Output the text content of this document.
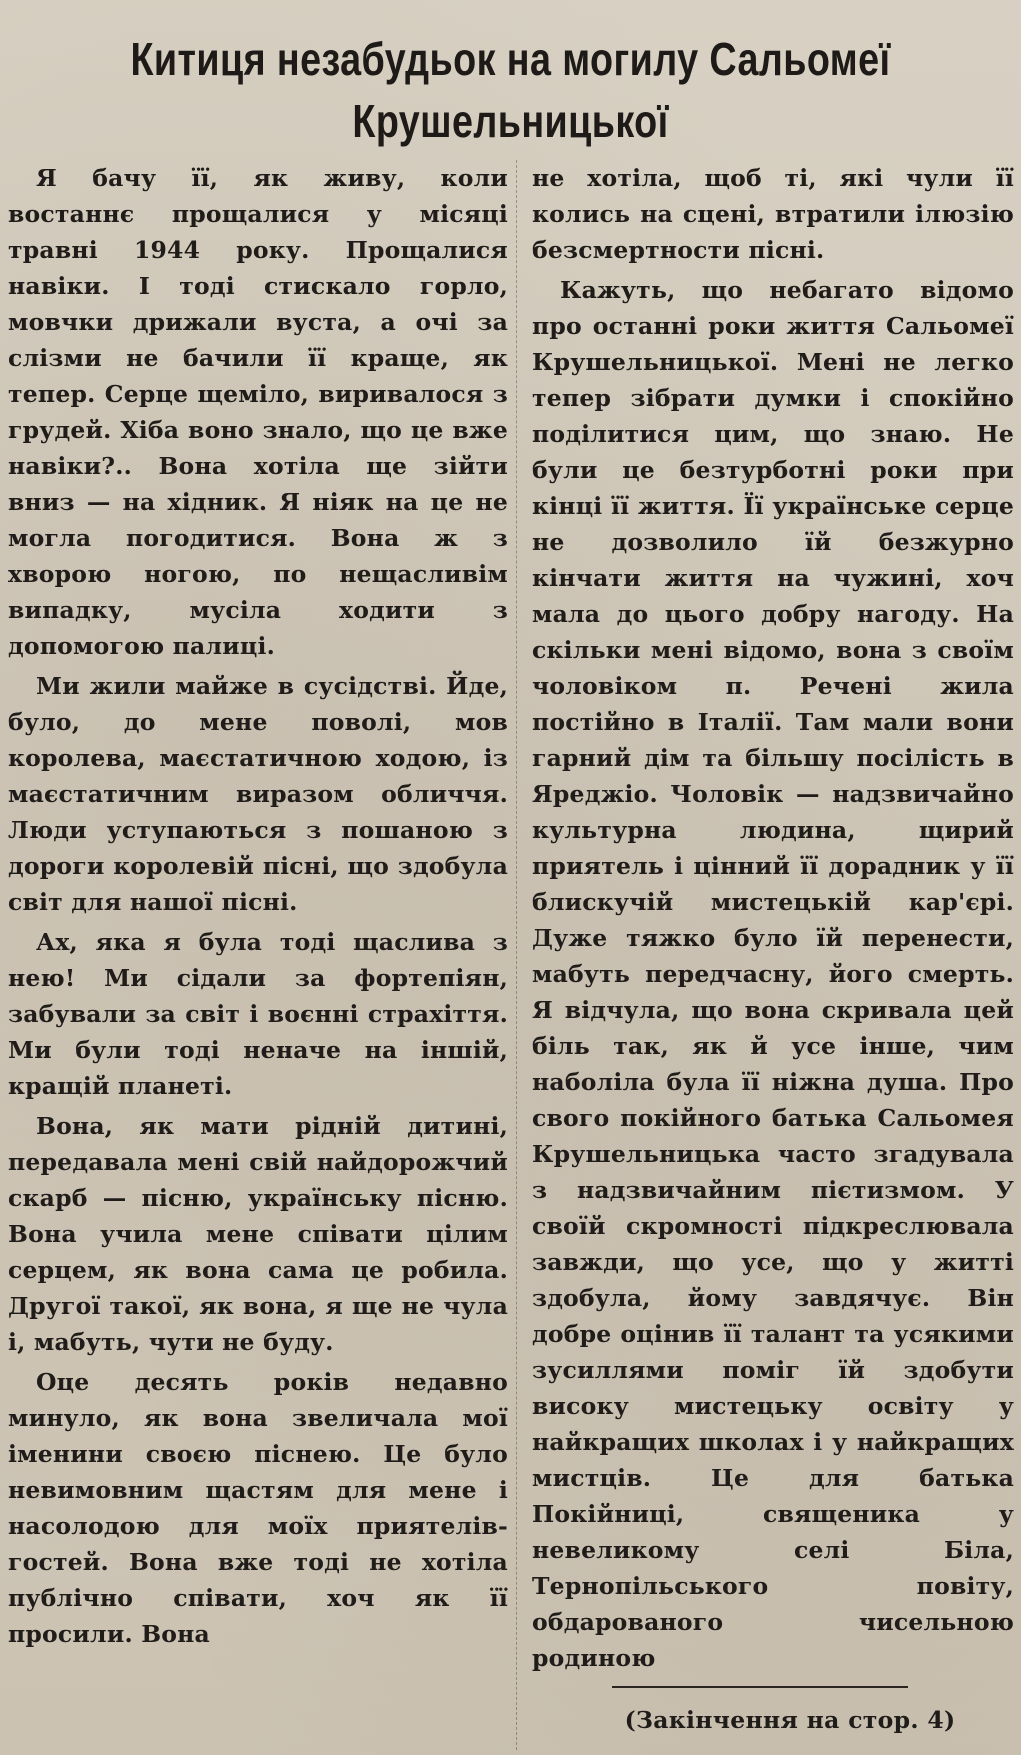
Китиця незабудьок на могилу Сальомеї
Крушельницької

Я бачу її, як живу, коли востаннє прощалися у місяці травні 1944 року. Прощалися навіки. І тоді стискало горло, мовчки дрижали вуста, а очі за слізми не бачили її краще, як тепер. Серце щеміло, виривалося з грудей. Хіба воно знало, що це вже навіки?.. Вона хотіла ще зійти вниз — на хідник. Я ніяк на це не могла погодитися. Вона ж з хворою ногою, по нещасливім випадку, мусіла ходити з допомогою палиці.

Ми жили майже в сусідстві. Йде, було, до мене поволі, мов королева, маєстатичною ходою, із маєстатичним виразом обличчя. Люди уступаються з пошаною з дороги королевій пісні, що здобула світ для нашої пісні.

Ах, яка я була тоді щаслива з нею! Ми сідали за фортепіян, забували за світ і воєнні страхіття. Ми були тоді неначе на іншій, кращій планеті.

Вона, як мати рідній дитині, передавала мені свій найдорожчий скарб — пісню, українську пісню. Вона учила мене співати цілим серцем, як вона сама це робила. Другої такої, як вона, я ще не чула і, мабуть, чути не буду.

Оце десять років недавно минуло, як вона звеличала мої іменини своєю піснею. Це було невимовним щастям для мене і насолодою для моїх приятелів-гостей. Вона вже тоді не хотіла публічно співати, хоч як її просили. Вона

не хотіла, щоб ті, які чули її колись на сцені, втратили ілюзію безсмертности пісні.

Кажуть, що небагато відомо про останні роки життя Сальомеї Крушельницької. Мені не легко тепер зібрати думки і спокійно поділитися цим, що знаю. Не були це безтурботні роки при кінці її життя. Її українське серце не дозволило їй безжурно кінчати життя на чужині, хоч мала до цього добру нагоду. На скільки мені відомо, вона з своїм чоловіком п. Речені жила постійно в Італії. Там мали вони гарний дім та більшу посілість в Яреджіо. Чоловік — надзвичайно культурна людина, щирий приятель і цінний її дорадник у її блискучій мистецькій кар'єрі. Дуже тяжко було їй перенести, мабуть передчасну, його смерть. Я відчула, що вона скривала цей біль так, як й усе інше, чим наболіла була її ніжна душа. Про свого покійного батька Сальомея Крушельницька часто згадувала з надзвичайним пієтизмом. У своїй скромності підкреслювала завжди, що усе, що у житті здобула, йому завдячує. Він добре оцінив її талант та усякими зусиллями поміг їй здобути високу мистецьку освіту у найкращих школах і у найкращих мистців. Це для батька Покійниці, священика у невеликому селі Біла, Тернопільського повіту, обдарованого чисельною родиною

(Закінчення на стор. 4)
